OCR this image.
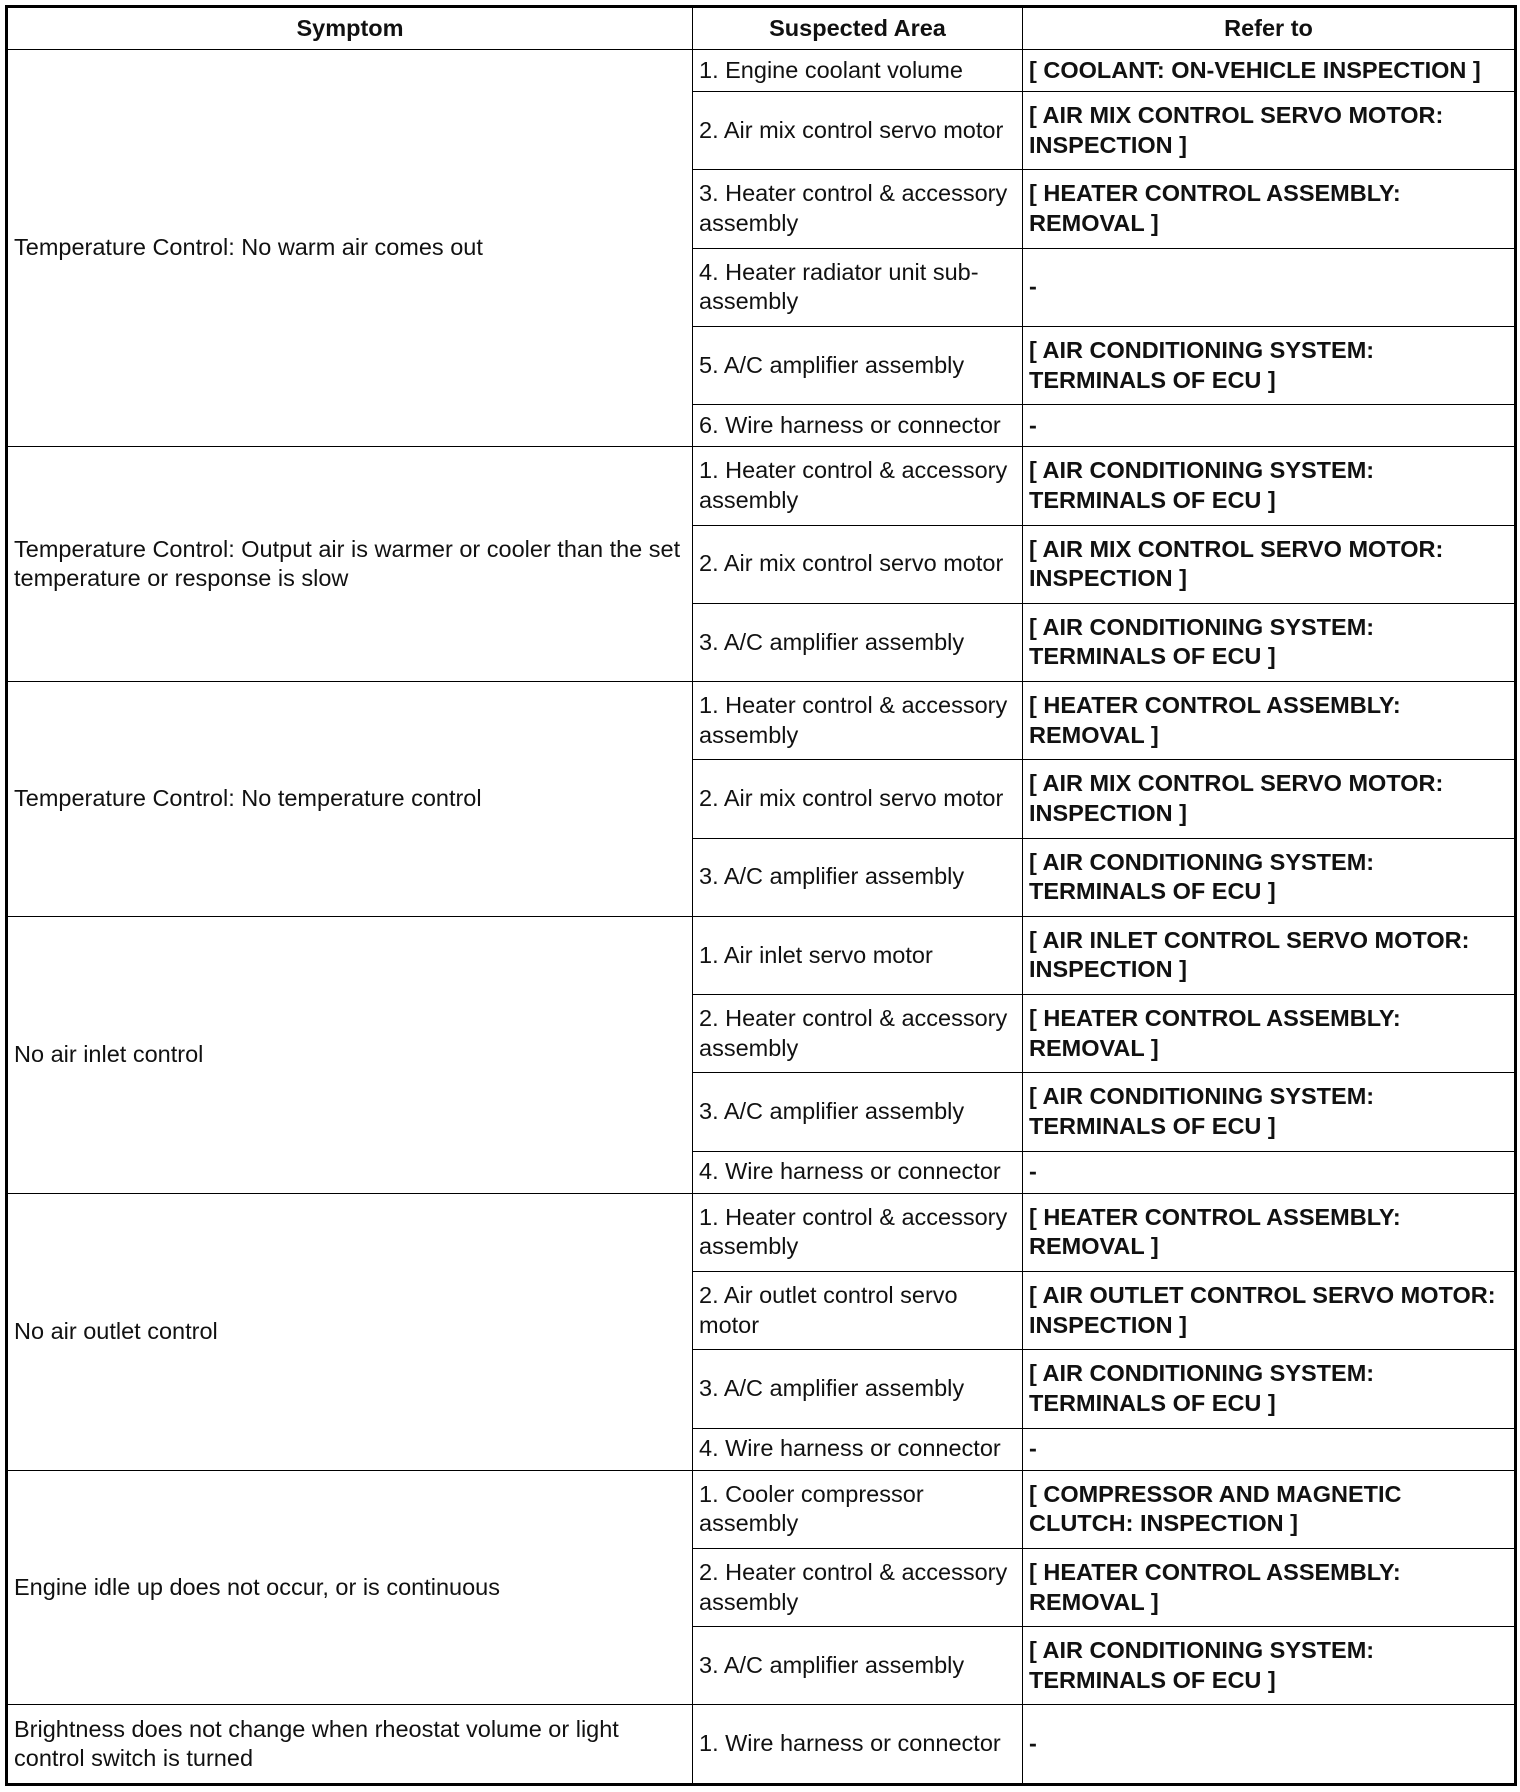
Symptom	Suspected Area	Refer to
Temperature Control: No warm air comes out	1. Engine coolant volume	[ COOLANT: ON-VEHICLE INSPECTION ]
	2. Air mix control servo motor	[ AIR MIX CONTROL SERVO MOTOR: INSPECTION ]
	3. Heater control & accessory assembly	[ HEATER CONTROL ASSEMBLY: REMOVAL ]
	4. Heater radiator unit sub-assembly	-
	5. A/C amplifier assembly	[ AIR CONDITIONING SYSTEM: TERMINALS OF ECU ]
	6. Wire harness or connector	-
Temperature Control: Output air is warmer or cooler than the set temperature or response is slow	1. Heater control & accessory assembly	[ AIR CONDITIONING SYSTEM: TERMINALS OF ECU ]
	2. Air mix control servo motor	[ AIR MIX CONTROL SERVO MOTOR: INSPECTION ]
	3. A/C amplifier assembly	[ AIR CONDITIONING SYSTEM: TERMINALS OF ECU ]
Temperature Control: No temperature control	1. Heater control & accessory assembly	[ HEATER CONTROL ASSEMBLY: REMOVAL ]
	2. Air mix control servo motor	[ AIR MIX CONTROL SERVO MOTOR: INSPECTION ]
	3. A/C amplifier assembly	[ AIR CONDITIONING SYSTEM: TERMINALS OF ECU ]
No air inlet control	1. Air inlet servo motor	[ AIR INLET CONTROL SERVO MOTOR: INSPECTION ]
	2. Heater control & accessory assembly	[ HEATER CONTROL ASSEMBLY: REMOVAL ]
	3. A/C amplifier assembly	[ AIR CONDITIONING SYSTEM: TERMINALS OF ECU ]
	4. Wire harness or connector	-
No air outlet control	1. Heater control & accessory assembly	[ HEATER CONTROL ASSEMBLY: REMOVAL ]
	2. Air outlet control servo motor	[ AIR OUTLET CONTROL SERVO MOTOR: INSPECTION ]
	3. A/C amplifier assembly	[ AIR CONDITIONING SYSTEM: TERMINALS OF ECU ]
	4. Wire harness or connector	-
Engine idle up does not occur, or is continuous	1. Cooler compressor assembly	[ COMPRESSOR AND MAGNETIC CLUTCH: INSPECTION ]
	2. Heater control & accessory assembly	[ HEATER CONTROL ASSEMBLY: REMOVAL ]
	3. A/C amplifier assembly	[ AIR CONDITIONING SYSTEM: TERMINALS OF ECU ]
Brightness does not change when rheostat volume or light control switch is turned	1. Wire harness or connector	-
